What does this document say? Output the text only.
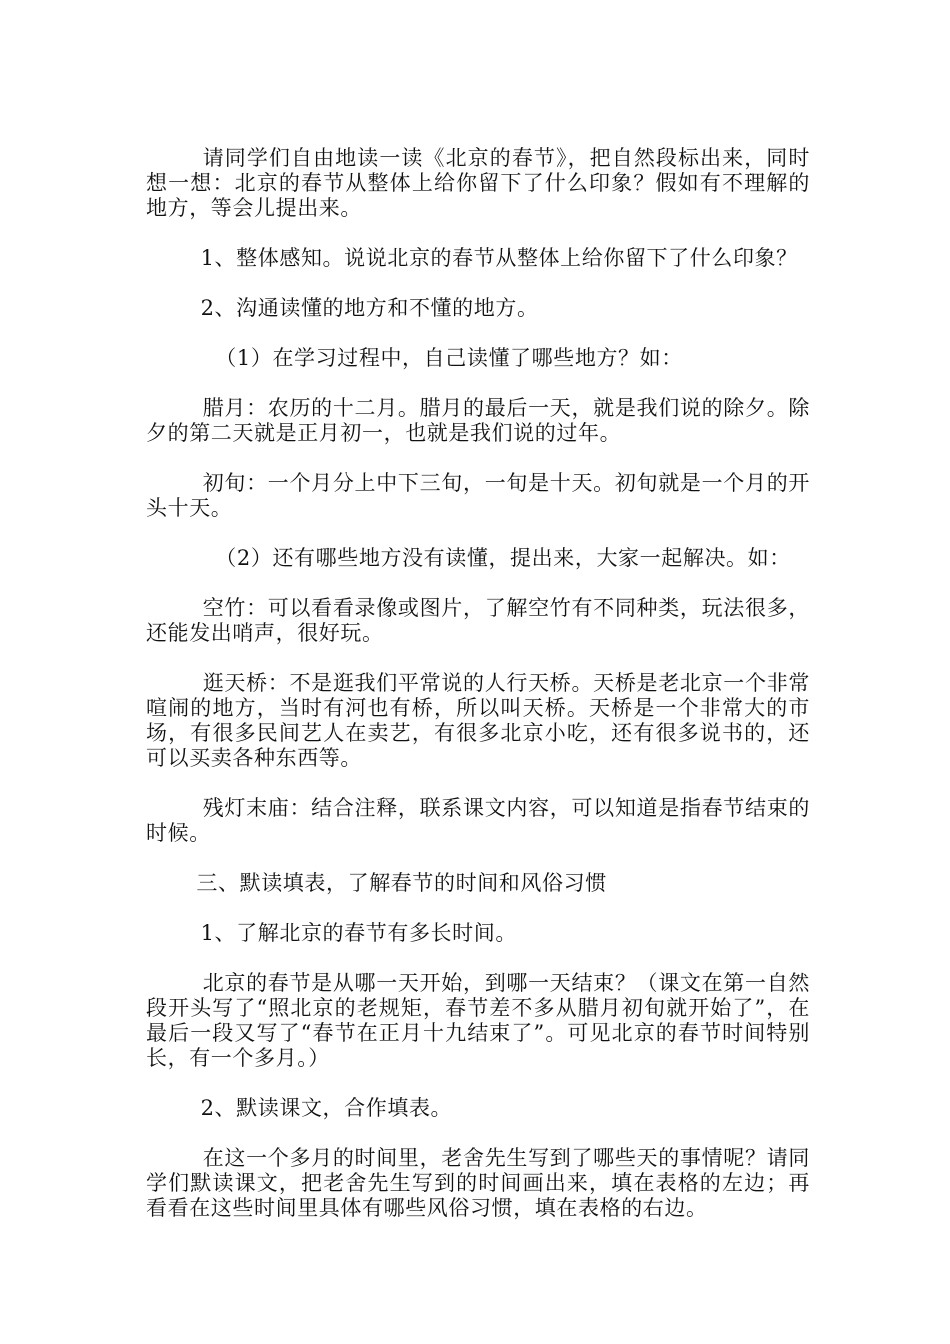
请同学们自由地读一读《北京的春节》，把自然段标出来，同时想一想：北京的春节从整体上给你留下了什么印象？假如有不理解的地方，等会儿提出来。

1、整体感知。说说北京的春节从整体上给你留下了什么印象？

2、沟通读懂的地方和不懂的地方。

（1）在学习过程中，自己读懂了哪些地方？如：

腊月：农历的十二月。腊月的最后一天，就是我们说的除夕。除夕的第二天就是正月初一，也就是我们说的过年。

初旬：一个月分上中下三旬，一旬是十天。初旬就是一个月的开头十天。

（2）还有哪些地方没有读懂，提出来，大家一起解决。如：

空竹：可以看看录像或图片，了解空竹有不同种类，玩法很多，还能发出哨声，很好玩。

逛天桥：不是逛我们平常说的人行天桥。天桥是老北京一个非常喧闹的地方，当时有河也有桥，所以叫天桥。天桥是一个非常大的市场，有很多民间艺人在卖艺，有很多北京小吃，还有很多说书的，还可以买卖各种东西等。

残灯末庙：结合注释，联系课文内容，可以知道是指春节结束的时候。

三、默读填表，了解春节的时间和风俗习惯

1、了解北京的春节有多长时间。

北京的春节是从哪一天开始，到哪一天结束？（课文在第一自然段开头写了“照北京的老规矩，春节差不多从腊月初旬就开始了”，在最后一段又写了“春节在正月十九结束了”。可见北京的春节时间特别长，有一个多月。）

2、默读课文，合作填表。

在这一个多月的时间里，老舍先生写到了哪些天的事情呢？请同学们默读课文，把老舍先生写到的时间画出来，填在表格的左边；再看看在这些时间里具体有哪些风俗习惯，填在表格的右边。
